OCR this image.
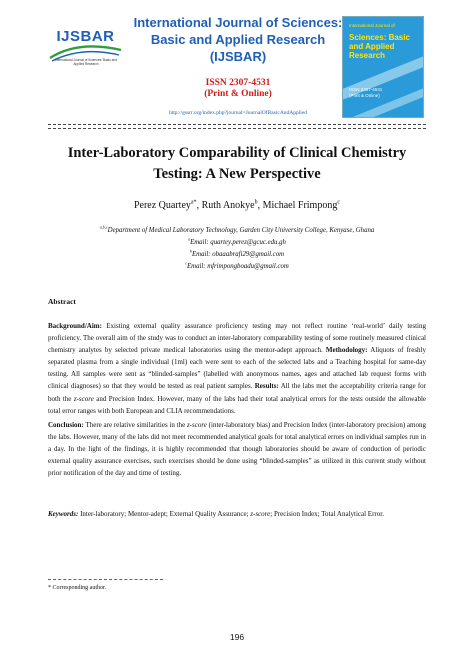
IJSBAR
International Journal of Sciences: Basic and Applied Research
International Journal of Sciences:
Basic and Applied Research
(IJSBAR)
ISSN 2307-4531
(Print & Online)
http://gssrr.org/index.php?journal=JournalOfBasicAndApplied
International Journal of
Sciences: Basic and Applied Research
ISSN 2307-4531
(Print & Online)
Inter-Laboratory Comparability of Clinical Chemistry
Testing: A New Perspective
Perez Quartey$^{a*}$, Ruth Anokye$^b$, Michael Frimpong$^c$
$^{a,b,c}$Department of Medical Laboratory Technology, Garden City University College, Kenyase, Ghana
$^a$Email: quartey.perez@gcuc.edu.gh
$^b$Email: obaaabrafi29@gmail.com
$^c$Email: mfrimpongboadu@gmail.com
Abstract
Background/Aim: Existing external quality assurance proficiency testing may not reflect routine ‘real-world’ daily testing proficiency. The overall aim of the study was to conduct an inter-laboratory comparability testing of some routinely measured clinical chemistry analytes by selected private medical laboratories using the mentor-adept approach. Methodology: Aliquots of freshly separated plasma from a single individual (1ml) each were sent to each of the selected labs and a Teaching hospital for same-day testing. All samples were sent as “blinded-samples” (labelled with anonymous names, ages and attached lab request forms with clinical diagnoses) so that they would be tested as real patient samples. Results: All the labs met the acceptability criteria range for both the z-score and Precision Index. However, many of the labs had their total analytical errors for the tests outside the allowable total error ranges with both European and CLIA recommendations.
Conclusion: There are relative similarities in the z-score (inter-laboratory bias) and Precision Index (inter-laboratory precision) among the labs. However, many of the labs did not meet recommended analytical goals for total analytical errors on individual samples run in a day. In the light of the findings, it is highly recommended that though laboratories should be aware of conduction of periodic external quality assurance exercises, such exercises should be done using “blinded-samples” as utilized in this current study without prior notification of the day and time of testing.
Keywords: Inter-laboratory; Mentor-adept; External Quality Assurance; z-score; Precision Index; Total Analytical Error.
* Corresponding author.
196
